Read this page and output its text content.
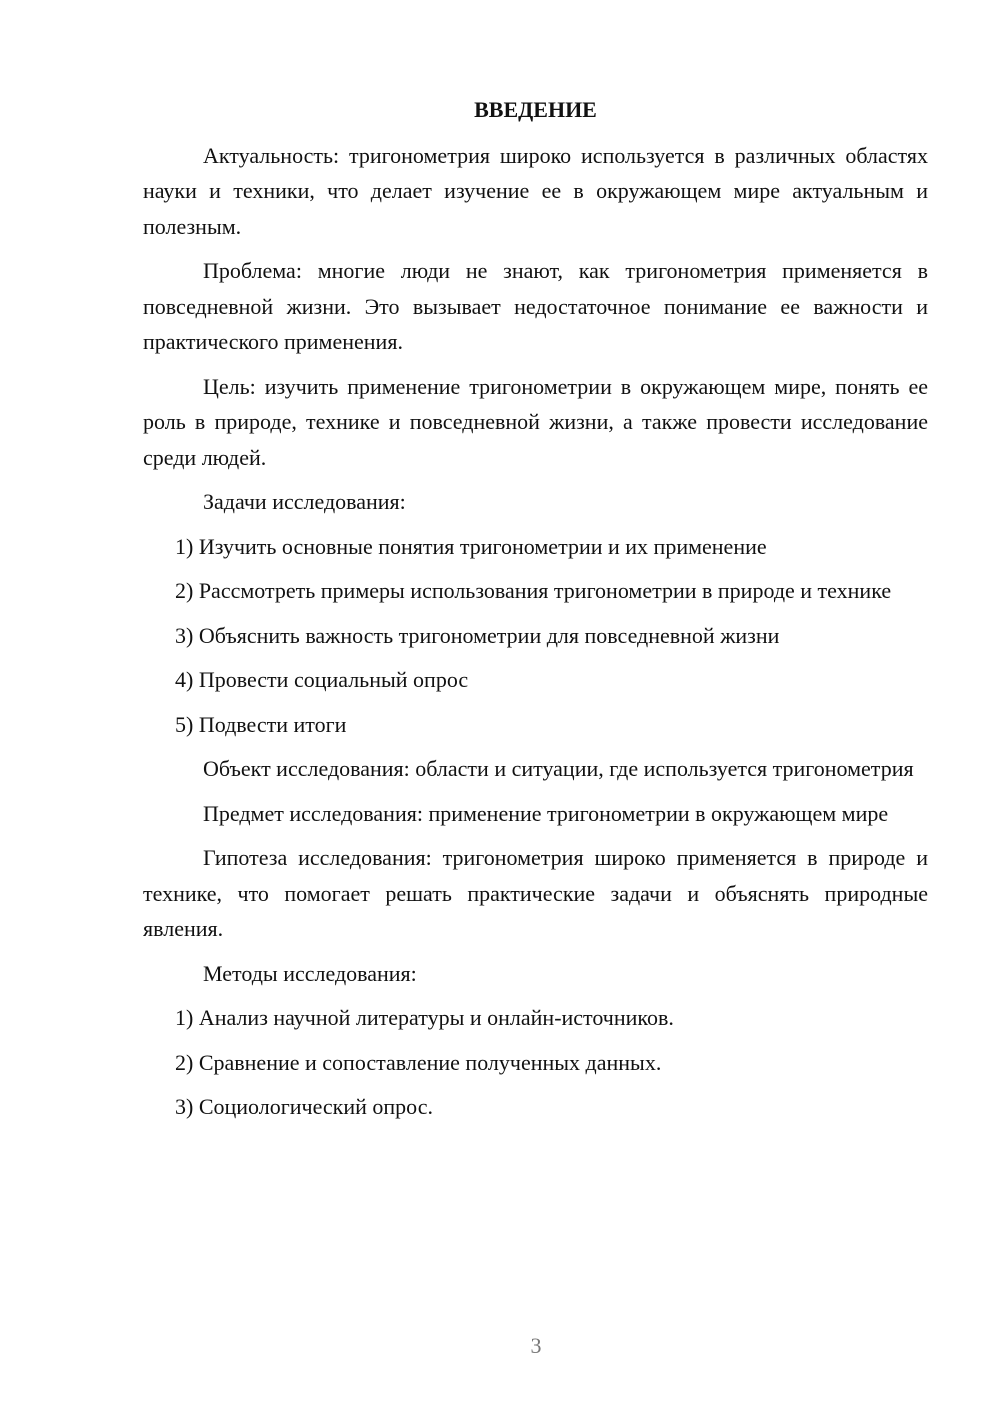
ВВЕДЕНИЕ

Актуальность: тригонометрия широко используется в различных областях науки и техники, что делает изучение ее в окружающем мире актуальным и полезным.

Проблема: многие люди не знают, как тригонометрия применяется в повседневной жизни. Это вызывает недостаточное понимание ее важности и практического применения.

Цель: изучить применение тригонометрии в окружающем мире, понять ее роль в природе, технике и повседневной жизни, а также провести исследование среди людей.

Задачи исследования:

1) Изучить основные понятия тригонометрии и их применение

2) Рассмотреть примеры использования тригонометрии в природе и технике

3) Объяснить важность тригонометрии для повседневной жизни

4) Провести социальный опрос

5) Подвести итоги

Объект исследования: области и ситуации, где используется тригонометрия

Предмет исследования: применение тригонометрии в окружающем мире

Гипотеза исследования: тригонометрия широко применяется в природе и технике, что помогает решать практические задачи и объяснять природные явления.

Методы исследования:

1) Анализ научной литературы и онлайн-источников.

2) Сравнение и сопоставление полученных данных.

3) Социологический опрос.

3
